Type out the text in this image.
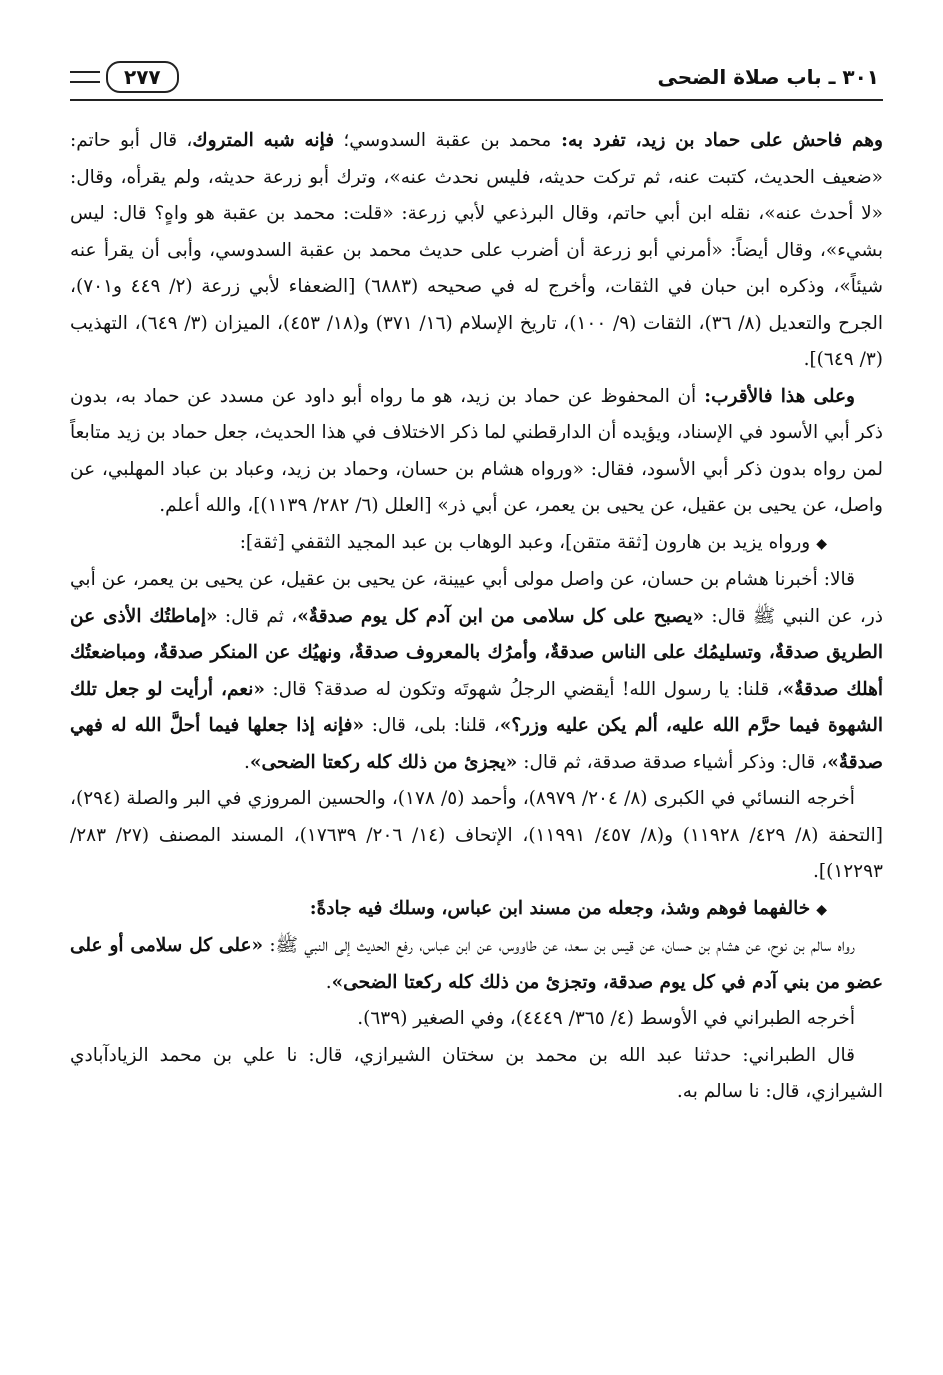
٣٠١ ـ باب صلاة الضحى
٢٧٧

وهم فاحش على حماد بن زيد، تفرد به: محمد بن عقبة السدوسي؛ فإنه شبه المتروك، قال أبو حاتم: «ضعيف الحديث، كتبت عنه، ثم تركت حديثه، فليس نحدث عنه»، وترك أبو زرعة حديثه، ولم يقرأه، وقال: «لا أحدث عنه»، نقله ابن أبي حاتم، وقال البرذعي لأبي زرعة: «قلت: محمد بن عقبة هو واهٍ؟ قال: ليس بشيء»، وقال أيضاً: «أمرني أبو زرعة أن أضرب على حديث محمد بن عقبة السدوسي، وأبى أن يقرأ عنه شيئاً»، وذكره ابن حبان في الثقات، وأخرج له في صحيحه (٦٨٨٣) [الضعفاء لأبي زرعة (٢/ ٤٤٩ و٧٠١)، الجرح والتعديل (٨/ ٣٦)، الثقات (٩/ ١٠٠)، تاريخ الإسلام (١٦/ ٣٧١) و(١٨/ ٤٥٣)، الميزان (٣/ ٦٤٩)، التهذيب (٣/ ٦٤٩)].

وعلى هذا فالأقرب: أن المحفوظ عن حماد بن زيد، هو ما رواه أبو داود عن مسدد عن حماد به، بدون ذكر أبي الأسود في الإسناد، ويؤيده أن الدارقطني لما ذكر الاختلاف في هذا الحديث، جعل حماد بن زيد متابعاً لمن رواه بدون ذكر أبي الأسود، فقال: «ورواه هشام بن حسان، وحماد بن زيد، وعباد بن عباد المهلبي، عن واصل، عن يحيى بن عقيل، عن يحيى بن يعمر، عن أبي ذر» [العلل (٦/ ٢٨٢/ ١١٣٩)]، والله أعلم.

◆ورواه يزيد بن هارون [ثقة متقن]، وعبد الوهاب بن عبد المجيد الثقفي [ثقة]:

قالا: أخبرنا هشام بن حسان، عن واصل مولى أبي عيينة، عن يحيى بن عقيل، عن يحيى بن يعمر، عن أبي ذر، عن النبي ﷺ قال: «يصبح على كل سلامى من ابن آدم كل يوم صدقةٌ»، ثم قال: «إماطتُك الأذى عن الطريق صدقةٌ، وتسليمُك على الناس صدقةٌ، وأمرُك بالمعروف صدقةٌ، ونهيُك عن المنكر صدقةٌ، ومباضعتُك أهلك صدقةٌ»، قلنا: يا رسول الله! أيقضي الرجلُ شهوتَه وتكون له صدقة؟ قال: «نعم، أرأيت لو جعل تلك الشهوة فيما حرَّم الله عليه، ألم يكن عليه وزر؟»، قلنا: بلى، قال: «فإنه إذا جعلها فيما أحلَّ الله له فهي صدقةٌ»، قال: وذكر أشياء صدقة صدقة، ثم قال: «يجزئ من ذلك كله ركعتا الضحى».

أخرجه النسائي في الكبرى (٨/ ٢٠٤/ ٨٩٧٩)، وأحمد (٥/ ١٧٨)، والحسين المروزي في البر والصلة (٢٩٤)، [التحفة (٨/ ٤٢٩/ ١١٩٢٨) و(٨/ ٤٥٧/ ١١٩٩١)، الإتحاف (١٤/ ٢٠٦/ ١٧٦٣٩)، المسند المصنف (٢٧/ ٢٨٣/ ١٢٢٩٣)].

◆خالفهما فوهم وشذ، وجعله من مسند ابن عباس، وسلك فيه جادةً:

رواه سالم بن نوح، عن هشام بن حسان، عن قيس بن سعد، عن طاووس، عن ابن عباس، رفع الحديث إلى النبي ﷺ: «على كل سلامى أو على عضو من بني آدم في كل يوم صدقة، وتجزئ من ذلك كله ركعتا الضحى».

أخرجه الطبراني في الأوسط (٤/ ٣٦٥/ ٤٤٤٩)، وفي الصغير (٦٣٩).

قال الطبراني: حدثنا عبد الله بن محمد بن سختان الشيرازي، قال: نا علي بن محمد الزيادآبادي الشيرازي، قال: نا سالم به.
